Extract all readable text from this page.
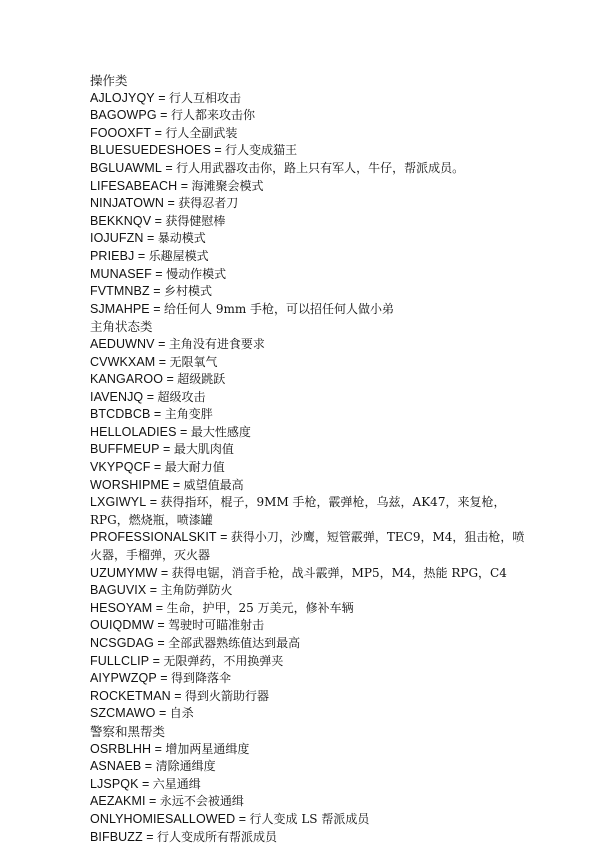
操作类
AJLOJYQY = 行人互相攻击
BAGOWPG = 行人都来攻击你
FOOOXFT = 行人全副武装
BLUESUEDESHOES = 行人变成猫王
BGLUAWML = 行人用武器攻击你，路上只有军人，牛仔，帮派成员。
LIFESABEACH = 海滩聚会模式
NINJATOWN = 获得忍者刀
BEKKNQV = 获得健慰棒
IOJUFZN = 暴动模式
PRIEBJ = 乐趣屋模式
MUNASEF = 慢动作模式
FVTMNBZ = 乡村模式
SJMAHPE = 给任何人 9mm 手枪，可以招任何人做小弟
主角状态类
AEDUWNV = 主角没有进食要求
CVWKXAM = 无限氧气
KANGAROO = 超级跳跃
IAVENJQ = 超级攻击
BTCDBCB = 主角变胖
HELLOLADIES = 最大性感度
BUFFMEUP = 最大肌肉值
VKYPQCF = 最大耐力值
WORSHIPME = 威望值最高
LXGIWYL = 获得指环，棍子，9MM 手枪，霰弹枪，乌兹，AK47，来复枪，RPG，燃烧瓶，喷漆罐
PROFESSIONALSKIT = 获得小刀，沙鹰，短管霰弹，TEC9，M4，狙击枪，喷火器，手榴弹，灭火器
UZUMYMW = 获得电锯，消音手枪，战斗霰弹，MP5，M4，热能 RPG，C4
BAGUVIX = 主角防弹防火
HESOYAM = 生命，护甲，25 万美元，修补车辆
OUIQDMW = 驾驶时可瞄准射击
NCSGDAG = 全部武器熟练值达到最高
FULLCLIP = 无限弹药，不用换弹夹
AIYPWZQP = 得到降落伞
ROCKETMAN = 得到火箭助行器
SZCMAWO = 自杀
警察和黑帮类
OSRBLHH = 增加两星通缉度
ASNAEB = 清除通缉度
LJSPQK = 六星通缉
AEZAKMI = 永远不会被通缉
ONLYHOMIESALLOWED = 行人变成 LS 帮派成员
BIFBUZZ = 行人变成所有帮派成员
